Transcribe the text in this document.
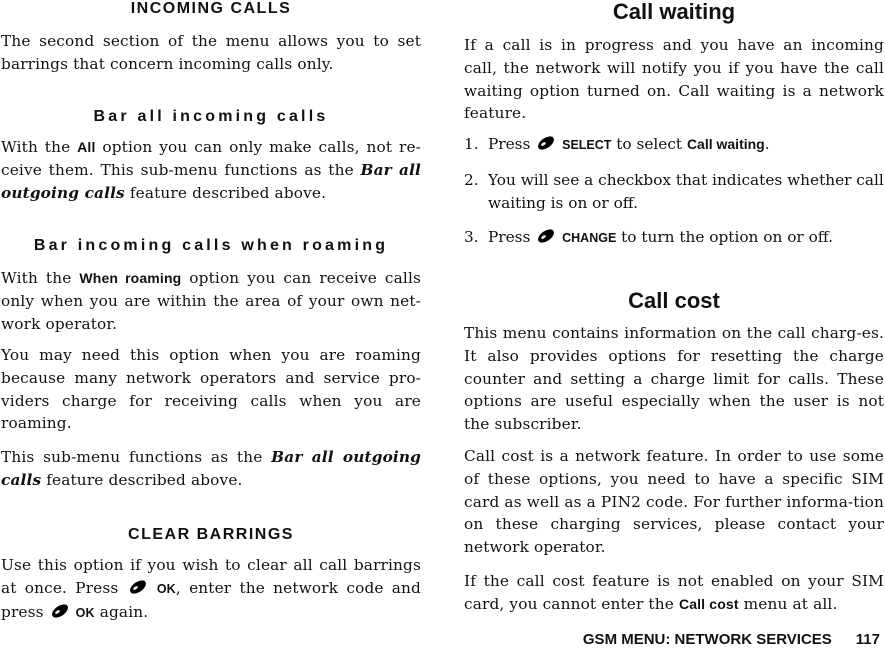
INCOMING CALLS

The second section of the menu allows you to set barrings that concern incoming calls only.

Bar all incoming calls

With the All option you can only make calls, not re-ceive them. This sub-menu functions as the Bar all outgoing calls feature described above.

Bar incoming calls when roaming

With the When roaming option you can receive calls only when you are within the area of your own net-work operator.

You may need this option when you are roaming because many network operators and service pro-viders charge for receiving calls when you are roaming.

This sub-menu functions as the Bar all outgoing calls feature described above.

CLEAR BARRINGS

Use this option if you wish to clear all call barrings at once. Press  OK, enter the network code and press  OK again.

Call waiting

If a call is in progress and you have an incoming call, the network will notify you if you have the call waiting option turned on. Call waiting is a network feature.

1. Press  SELECT to select Call waiting.
2. You will see a checkbox that indicates whether call waiting is on or off.
3. Press  CHANGE to turn the option on or off.
Call cost

This menu contains information on the call charg-es. It also provides options for resetting the charge counter and setting a charge limit for calls. These options are useful especially when the user is not the subscriber.

Call cost is a network feature. In order to use some of these options, you need to have a specific SIM card as well as a PIN2 code. For further informa-tion on these charging services, please contact your network operator.

If the call cost feature is not enabled on your SIM card, you cannot enter the Call cost menu at all.

GSM MENU: NETWORK SERVICES 117
